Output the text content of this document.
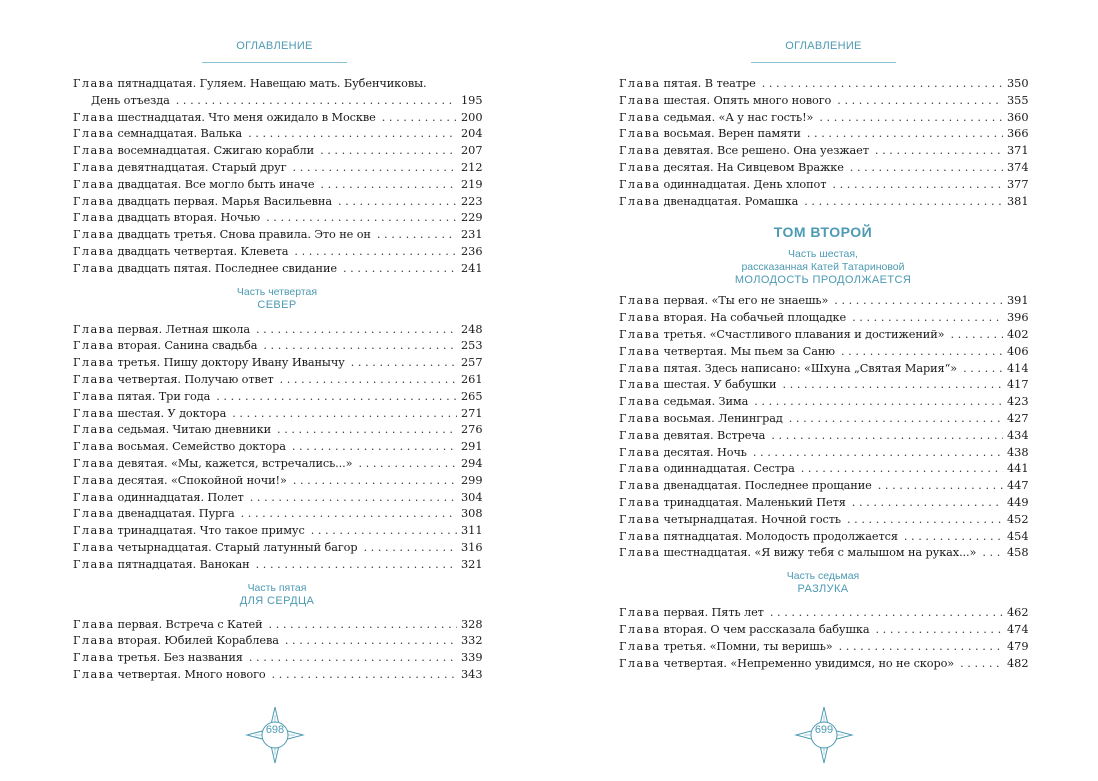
ОГЛАВЛЕНИЕ
Глава пятнадцатая. Гуляем. Навещаю мать. Бубенчиковы.
День отъезда . . .	195
Глава шестнадцатая. Что меня ожидало в Москве . . .	200
Глава семнадцатая. Валька . . .	204
Глава восемнадцатая. Сжигаю корабли . . .	207
Глава девятнадцатая. Старый друг . . .	212
Глава двадцатая. Все могло быть иначе . . .	219
Глава двадцать первая. Марья Васильевна . . .	223
Глава двадцать вторая. Ночью . . .	229
Глава двадцать третья. Снова правила. Это не он . . .	231
Глава двадцать четвертая. Клевета . . .	236
Глава двадцать пятая. Последнее свидание . . .	241
Часть четвертая
СЕВЕР
Глава первая. Летная школа . . .	248
Глава вторая. Санина свадьба . . .	253
Глава третья. Пишу доктору Ивану Иванычу . . .	257
Глава четвертая. Получаю ответ . . .	261
Глава пятая. Три года . . .	265
Глава шестая. У доктора . . .	271
Глава седьмая. Читаю дневники . . .	276
Глава восьмая. Семейство доктора . . .	291
Глава девятая. «Мы, кажется, встречались...» . . .	294
Глава десятая. «Спокойной ночи!» . . .	299
Глава одиннадцатая. Полет . . .	304
Глава двенадцатая. Пурга . . .	308
Глава тринадцатая. Что такое примус . . .	311
Глава четырнадцатая. Старый латунный багор . . .	316
Глава пятнадцатая. Ванокан . . .	321
Часть пятая
ДЛЯ СЕРДЦА
Глава первая. Встреча с Катей . . .	328
Глава вторая. Юбилей Кораблева . . .	332
Глава третья. Без названия . . .	339
Глава четвертая. Много нового . . .	343
698
ОГЛАВЛЕНИЕ
Глава пятая. В театре . . .	350
Глава шестая. Опять много нового . . .	355
Глава седьмая. «А у нас гость!» . . .	360
Глава восьмая. Верен памяти . . .	366
Глава девятая. Все решено. Она уезжает . . .	371
Глава десятая. На Сивцевом Вражке . . .	374
Глава одиннадцатая. День хлопот . . .	377
Глава двенадцатая. Ромашка . . .	381
ТОМ ВТОРОЙ
Часть шестая,
рассказанная Катей Татариновой
МОЛОДОСТЬ ПРОДОЛЖАЕТСЯ
Глава первая. «Ты его не знаешь» . . .	391
Глава вторая. На собачьей площадке . . .	396
Глава третья. «Счастливого плавания и достижений» . . .	402
Глава четвертая. Мы пьем за Саню . . .	406
Глава пятая. Здесь написано: «Шхуна „Святая Мария“» . . .	414
Глава шестая. У бабушки . . .	417
Глава седьмая. Зима . . .	423
Глава восьмая. Ленинград . . .	427
Глава девятая. Встреча . . .	434
Глава десятая. Ночь . . .	438
Глава одиннадцатая. Сестра . . .	441
Глава двенадцатая. Последнее прощание . . .	447
Глава тринадцатая. Маленький Петя . . .	449
Глава четырнадцатая. Ночной гость . . .	452
Глава пятнадцатая. Молодость продолжается . . .	454
Глава шестнадцатая. «Я вижу тебя с малышом на руках...» . . .	458
Часть седьмая
РАЗЛУКА
Глава первая. Пять лет . . .	462
Глава вторая. О чем рассказала бабушка . . .	474
Глава третья. «Помни, ты веришь» . . .	479
Глава четвертая. «Непременно увидимся, но не скоро» . . .	482
699
